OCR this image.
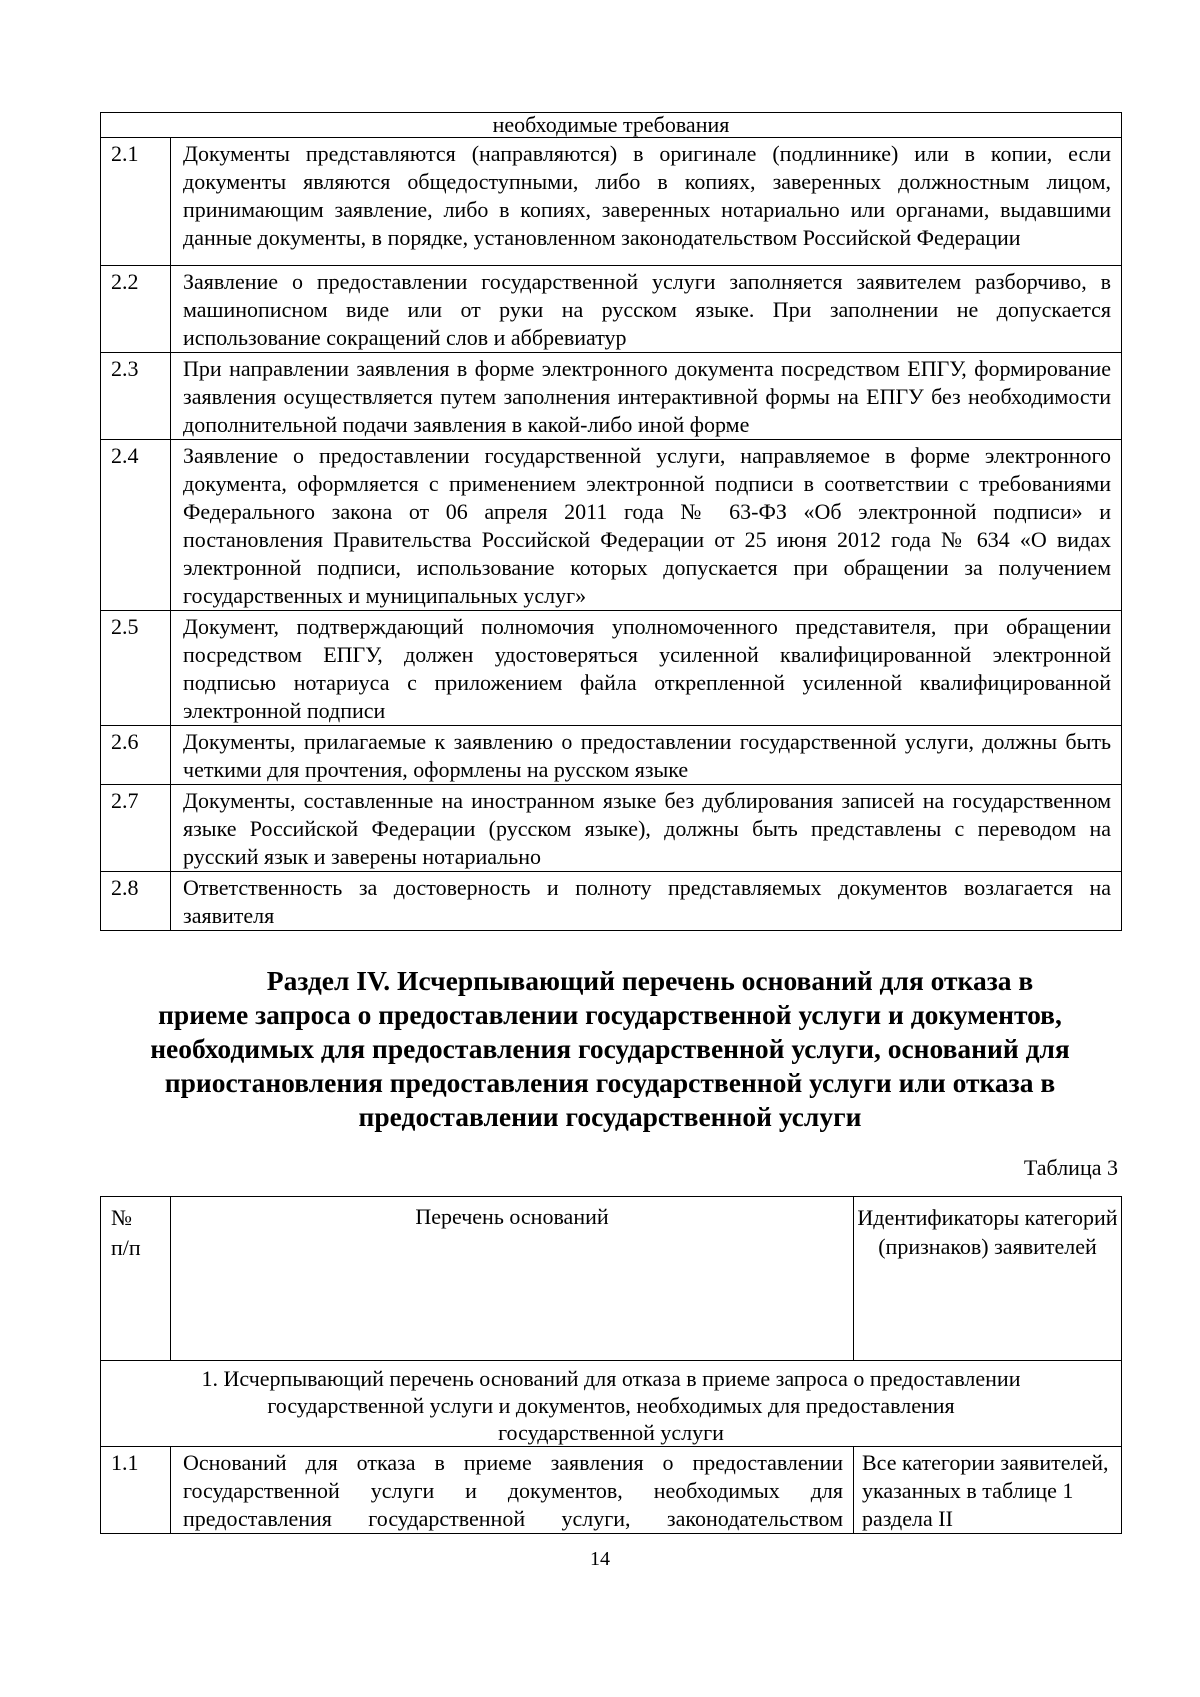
необходимые требования	
2.1	Документы представляются (направляются) в оригинале (подлиннике) или в копии, если документы являются общедоступными, либо в копиях, заверенных должностным лицом, принимающим заявление, либо в копиях, заверенных нотариально или органами, выдавшими данные документы, в порядке, установленном законодательством Российской Федерации
2.2	Заявление о предоставлении государственной услуги заполняется заявителем разборчиво, в машинописном виде или от руки на русском языке. При заполнении не допускается использование сокращений слов и аббревиатур
2.3	При направлении заявления в форме электронного документа посредством ЕПГУ, формирование заявления осуществляется путем заполнения интерактивной формы на ЕПГУ без необходимости дополнительной подачи заявления в какой-либо иной форме
2.4	Заявление о предоставлении государственной услуги, направляемое в форме электронного документа, оформляется с применением электронной подписи в соответствии с требованиями Федерального закона от 06 апреля 2011 года № 63-ФЗ «Об электронной подписи» и постановления Правительства Российской Федерации от 25 июня 2012 года № 634 «О видах электронной подписи, использование которых допускается при обращении за получением государственных и муниципальных услуг»
2.5	Документ, подтверждающий полномочия уполномоченного представителя, при обращении посредством ЕПГУ, должен удостоверяться усиленной квалифицированной электронной подписью нотариуса с приложением файла открепленной усиленной квалифицированной электронной подписи
2.6	Документы, прилагаемые к заявлению о предоставлении государственной услуги, должны быть четкими для прочтения, оформлены на русском языке
2.7	Документы, составленные на иностранном языке без дублирования записей на государственном языке Российской Федерации (русском языке), должны быть представлены с переводом на русский язык и заверены нотариально
2.8	Ответственность за достоверность и полноту представляемых документов возлагается на заявителя
Раздел IV. Исчерпывающий перечень оснований для отказа в
приеме запроса о предоставлении государственной услуги и документов,
необходимых для предоставления государственной услуги, оснований для
приостановления предоставления государственной услуги или отказа в
предоставлении государственной услуги
Таблица 3
№
п/п	Перечень оснований	Идентификаторы категорий (признаков) заявителей

1. Исчерпывающий перечень оснований для отказа в приеме запроса о предоставлении
государственной услуги и документов, необходимых для предоставления
государственной услуги		

1.1	Оснований для отказа в приеме заявления о предоставлении государственной услуги и документов, необходимых для предоставления государственной услуги, законодательством	Все категории заявителей, указанных в таблице 1 раздела II
14
